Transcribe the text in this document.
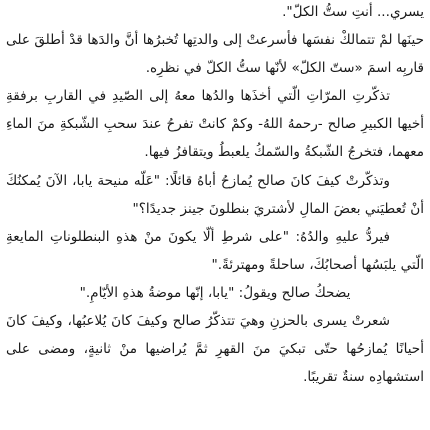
يسري... أنتِ ستُّ الكلّ".

حينَها لمْ تتمالكْ نفسَها فأسرعتْ إلى والدتِها تُخبرُها أنَّ والدَها قدْ أطلقَ على قاربِه اسمَ «ستّ الكلّ» لأنّها ستُّ الكلّ في نظرِه.

تذكّرتِ المرّاتِ الّتي أخذَها والدُها معهُ إلى الصّيدِ في القاربِ برفقةِ أخيها الكبيرِ صالح -رحمهُ اللهُ- وكمْ كانتْ تفرحُ عندَ سحبِ الشّبكةِ منَ الماءِ معهما، فتخرجُ الشّبكةُ والسّمكُ يلعبطُ ويتقافزُ فيها.

وتذكّرتْ كيفَ كانَ صالح يُمازحُ أباهُ قائلًا: "عَلّه منيحة يابا، الآنَ يُمكنُكَ أنْ تُعطيَني بعضَ المالِ لأشتريَ بنطلونَ جينز جديدًا؟"

فيردُّ عليهِ والدُهُ: "على شرطِ ألّا يكونَ منْ هذهِ البنطلوناتِ المايعةِ الّتي يلبَسُها أصحابُكَ، ساحلةً ومهترئةً."

يضحكُ صالح ويقولُ: "يابا، إنّها موضةُ هذهِ الأيّامِ."

شعرتْ يسرى بالحزنِ وهيَ تتذكّرُ صالح وكيفَ كانَ يُلاعبُها، وكيفَ كانَ أحيانًا يُمازحُها حتّى تبكيَ منَ القهرِ ثمَّ يُراضيها منْ ثانيةٍ، ومضى على استشهادِه سنةٌ تقريبًا.
